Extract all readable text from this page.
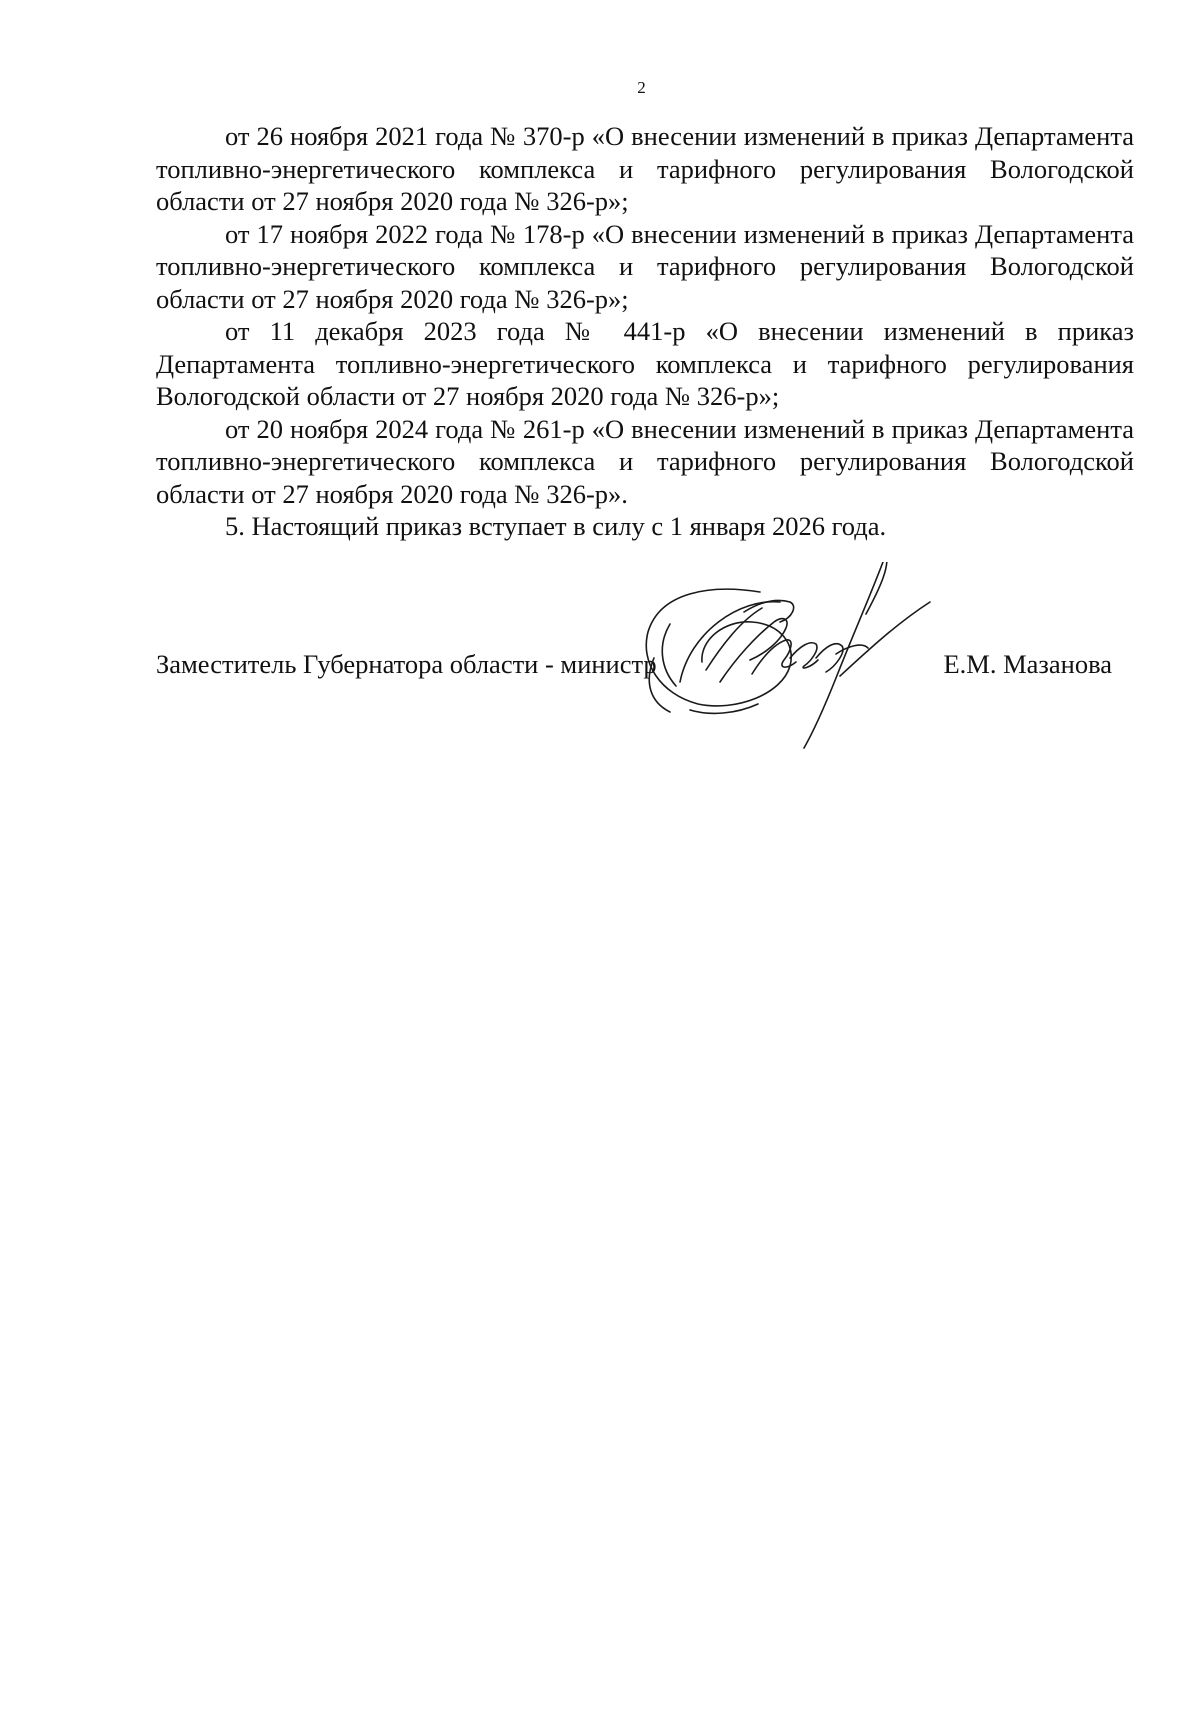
2

от 26 ноября 2021 года № 370-р «О внесении изменений в приказ Департамента топливно-энергетического комплекса и тарифного регулирования Вологодской области от 27 ноября 2020 года № 326-р»;

от 17 ноября 2022 года № 178-р «О внесении изменений в приказ Департамента топливно-энергетического комплекса и тарифного регулирования Вологодской области от 27 ноября 2020 года № 326-р»;

от 11 декабря 2023 года № 441-р «О внесении изменений в приказ Департамента топливно-энергетического комплекса и тарифного регулирования Вологодской области от 27 ноября 2020 года № 326-р»;

от 20 ноября 2024 года № 261-р «О внесении изменений в приказ Департамента топливно-энергетического комплекса и тарифного регулирования Вологодской области от 27 ноября 2020 года № 326-р».

5. Настоящий приказ вступает в силу с 1 января 2026 года.

Заместитель Губернатора области - министр	Е.М. Мазанова
